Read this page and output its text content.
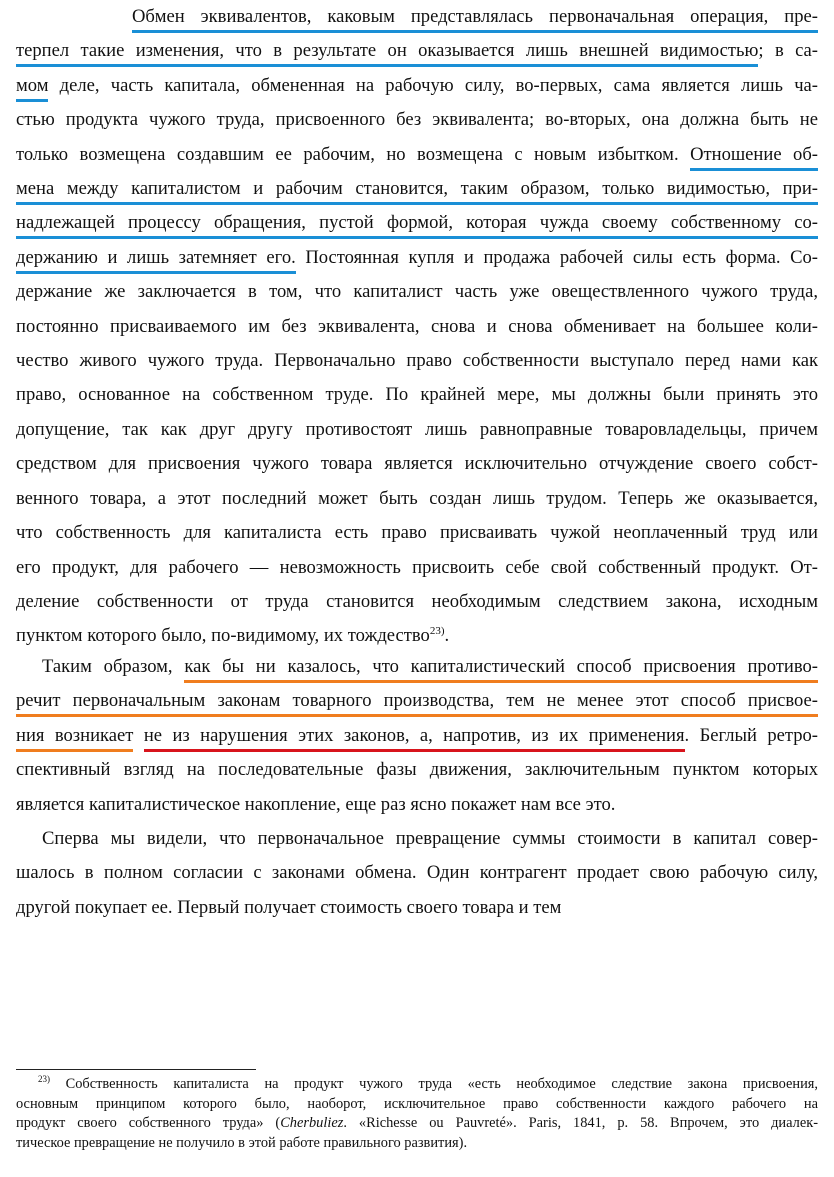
Обмен эквивалентов, каковым представлялась первоначальная операция, пре-
терпел такие изменения, что в результате он оказывается лишь внешней видимостью; в са-
мом деле, часть капитала, обмененная на рабочую силу, во-первых, сама является лишь ча-
стью продукта чужого труда, присвоенного без эквивалента; во-вторых, она должна быть не
только возмещена создавшим ее рабочим, но возмещена с новым избытком. Отношение об-
мена между капиталистом и рабочим становится, таким образом, только видимостью, при-
надлежащей процессу обращения, пустой формой, которая чужда своему собственному со-
держанию и лишь затемняет его. Постоянная купля и продажа рабочей силы есть форма. Со-
держание же заключается в том, что капиталист часть уже овеществленного чужого труда,
постоянно присваиваемого им без эквивалента, снова и снова обменивает на большее коли-
чество живого чужого труда. Первоначально право собственности выступало перед нами как
право, основанное на собственном труде. По крайней мере, мы должны были принять это
допущение, так как друг другу противостоят лишь равноправные товаровладельцы, причем
средством для присвоения чужого товара является исключительно отчуждение своего собст-
венного товара, а этот последний может быть создан лишь трудом. Теперь же оказывается,
что собственность для капиталиста есть право присваивать чужой неоплаченный труд или
его продукт, для рабочего — невозможность присвоить себе свой собственный продукт. От-
деление собственности от труда становится необходимым следствием закона, исходным
пунктом которого было, по-видимому, их тождество$^{23)}$.

Таким образом, как бы ни казалось, что капиталистический способ присвоения противо-
речит первоначальным законам товарного производства, тем не менее этот способ присвое-
ния возникает не из нарушения этих законов, а, напротив, из их применения. Беглый ретро-
спективный взгляд на последовательные фазы движения, заключительным пунктом которых
является капиталистическое накопление, еще раз ясно покажет нам все это.

Сперва мы видели, что первоначальное превращение суммы стоимости в капитал совер-
шалось в полном согласии с законами обмена. Один контрагент продает свою рабочую силу,
другой покупает ее. Первый получает стоимость своего товара и тем

$^{23)}$ Собственность капиталиста на продукт чужого труда «есть необходимое следствие закона присвоения,
основным принципом которого было, наоборот, исключительное право собственности каждого рабочего на
продукт своего собственного труда» (Cherbuliez. «Richesse ou Pauvreté». Paris, 1841, p. 58. Впрочем, это диалек-
тическое превращение не получило в этой работе правильного развития).
